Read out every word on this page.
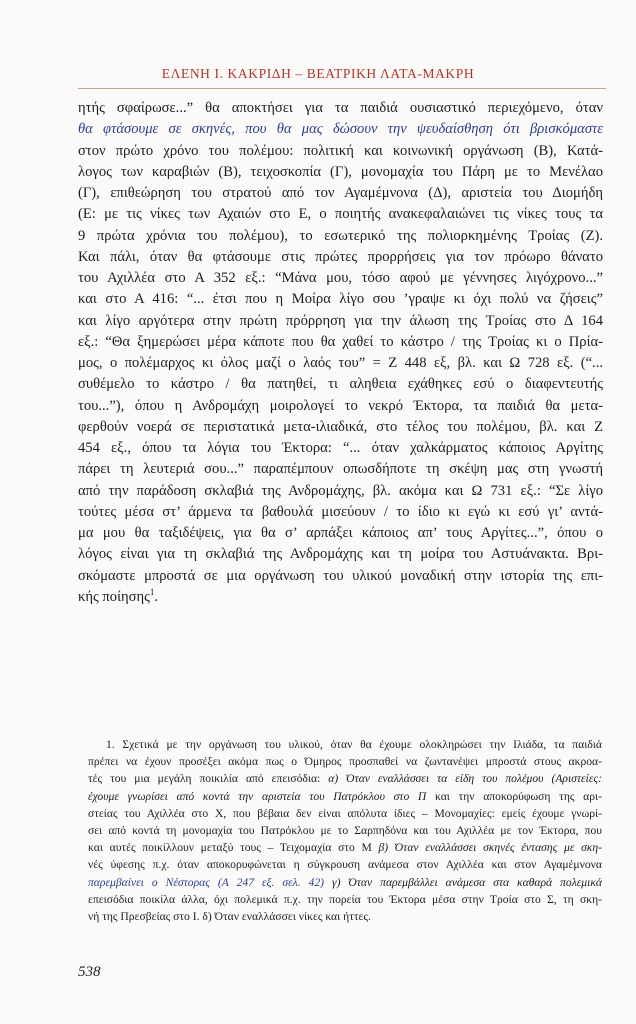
ΕΛΕΝΗ Ι. ΚΑΚΡΙΔΗ – ΒΕΑΤΡΙΚΗ ΛΑΤΑ-ΜΑΚΡΗ
ητής σφαίρωσε...” θα αποκτήσει για τα παιδιά ουσιαστικό περιεχόμενο, όταν
θα φτάσουμε σε σκηνές, που θα μας δώσουν την ψευδαίσθηση ότι βρισκόμαστε
στον πρώτο χρόνο του πολέμου: πολιτική και κοινωνική οργάνωση (Β), Κατά-
λογος των καραβιών (Β), τειχοσκοπία (Γ), μονομαχία του Πάρη με το Μενέλαο
(Γ), επιθεώρηση του στρατού από τον Αγαμέμνονα (Δ), αριστεία του Διομήδη
(Ε: με τις νίκες των Αχαιών στο Ε, ο ποιητής ανακεφαλαιώνει τις νίκες τους τα
9 πρώτα χρόνια του πολέμου), το εσωτερικό της πολιορκημένης Τροίας (Ζ).
Και πάλι, όταν θα φτάσουμε στις πρώτες προρρήσεις για τον πρόωρο θάνατο
του Αχιλλέα στο Α 352 εξ.: “Μάνα μου, τόσο αφού με γέννησες λιγόχρονο...”
και στο Α 416: “... έτσι που η Μοίρα λίγο σου ’γραψε κι όχι πολύ να ζήσεις”
και λίγο αργότερα στην πρώτη πρόρρηση για την άλωση της Τροίας στο Δ 164
εξ.: “Θα ξημερώσει μέρα κάποτε που θα χαθεί το κάστρο / της Τροίας κι ο Πρία-
μος, ο πολέμαρχος κι όλος μαζί ο λαός του” = Ζ 448 εξ, βλ. και Ω 728 εξ. (“...
συθέμελο το κάστρο / θα πατηθεί, τι αληθεια εχάθηκες εσύ ο διαφεντευτής
του...”), όπου η Ανδρομάχη μοιρολογεί το νεκρό Έκτορα, τα παιδιά θα μετα-
φερθούν νοερά σε περιστατικά μετα-ιλιαδικά, στο τέλος του πολέμου, βλ. και Ζ
454 εξ., όπου τα λόγια του Έκτορα: “... όταν χαλκάρματος κάποιος Αργίτης
πάρει τη λευτεριά σου...” παραπέμπουν οπωσδήποτε τη σκέψη μας στη γνωστή
από την παράδοση σκλαβιά της Ανδρομάχης, βλ. ακόμα και Ω 731 εξ.: “Σε λίγο
τούτες μέσα στ’ άρμενα τα βαθουλά μισεύουν / το ίδιο κι εγώ κι εσύ γι’ αντά-
μα μου θα ταξιδέψεις, για θα σ’ αρπάξει κάποιος απ’ τους Αργίτες...”, όπου ο
λόγος είναι για τη σκλαβιά της Ανδρομάχης και τη μοίρα του Αστυάνακτα. Βρι-
σκόμαστε μπροστά σε μια οργάνωση του υλικού μοναδική στην ιστορία της επι-
κής ποίησης$^1$.
1. Σχετικά με την οργάνωση του υλικού, όταν θα έχουμε ολοκληρώσει την Ιλιάδα, τα παιδιά
πρέπει να έχουν προσέξει ακόμα πως ο Όμηρος προσπαθεί να ζωντανέψει μπροστά στους ακροα-
τές του μια μεγάλη ποικιλία από επεισόδια: α) Όταν εναλλάσσει τα είδη του πολέμου (Αριστείες:
έχουμε γνωρίσει από κοντά την αριστεία του Πατρόκλου στο Π και την αποκορύφωση της αρι-
στείας του Αχιλλέα στο Χ, που βέβαια δεν είναι απόλυτα ίδιες – Μονομαχίες: εμείς έχουμε γνωρί-
σει από κοντά τη μονομαχία του Πατρόκλου με το Σαρπηδόνα και του Αχιλλέα με τον Έκτορα, που
και αυτές ποικίλλουν μεταξύ τους – Τειχομαχία στο Μ β) Όταν εναλλάσσει σκηνές έντασης με σκη-
νές ύφεσης π.χ. όταν αποκορυφώνεται η σύγκρουση ανάμεσα στον Αχιλλέα και στον Αγαμέμνονα
παρεμβαίνει ο Νέστορας (Α 247 εξ. σελ. 42) γ) Όταν παρεμβάλλει ανάμεσα στα καθαρά πολεμικά
επεισόδια ποικίλα άλλα, όχι πολεμικά π.χ. την πορεία του Έκτορα μέσα στην Τροία στο Σ, τη σκη-
νή της Πρεσβείας στο Ι. δ) Όταν εναλλάσσει νίκες και ήττες.
538
